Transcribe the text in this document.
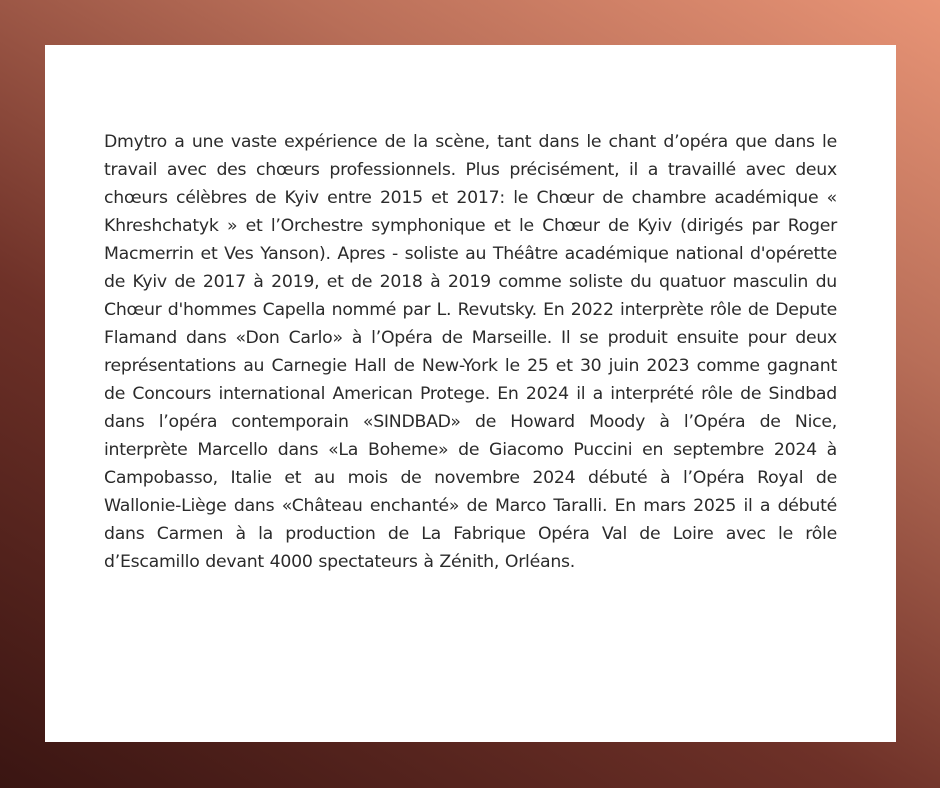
Dmytro a une vaste expérience de la scène, tant dans le chant d’opéra que dans le travail avec des chœurs professionnels. Plus précisément, il a travaillé avec deux chœurs célèbres de Kyiv entre 2015 et 2017: le Chœur de chambre académique « Khreshchatyk » et l’Orchestre symphonique et le Chœur de Kyiv (dirigés par Roger Macmerrin et Ves Yanson). Apres - soliste au Théâtre académique national d'opérette de Kyiv de 2017 à 2019, et de 2018 à 2019 comme soliste du quatuor masculin du Chœur d'hommes Capella nommé par L. Revutsky. En 2022 interprète rôle de Depute Flamand dans «Don Carlo» à l’Opéra de Marseille. Il se produit ensuite pour deux représentations au Carnegie Hall de New-York le 25 et 30 juin 2023 comme gagnant de Concours international American Protege. En 2024 il a interprété rôle de Sindbad dans l’opéra contemporain «SINDBAD» de Howard Moody à l’Opéra de Nice, interprète Marcello dans «La Boheme» de Giacomo Puccini en septembre 2024 à Campobasso, Italie et au mois de novembre 2024 débuté à l’Opéra Royal de Wallonie-Liège dans «Château enchanté» de Marco Taralli. En mars 2025 il a débuté dans Carmen à la production de La Fabrique Opéra Val de Loire avec le rôle d’Escamillo devant 4000 spectateurs à Zénith, Orléans.
